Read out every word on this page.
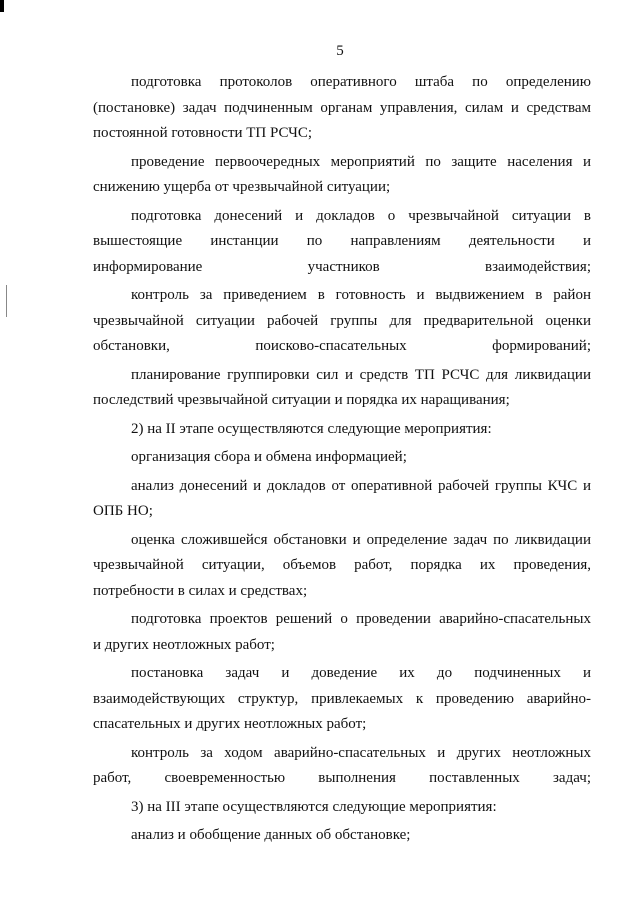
5
подготовка протоколов оперативного штаба по определению
(постановке) задач подчиненным органам управления, силам и средствам
постоянной готовности ТП РСЧС;
проведение первоочередных мероприятий по защите населения и
снижению ущерба от чрезвычайной ситуации;
подготовка донесений и докладов о чрезвычайной ситуации в
вышестоящие инстанции по направлениям деятельности и
информирование участников взаимодействия;
контроль за приведением в готовность и выдвижением в район
чрезвычайной ситуации рабочей группы для предварительной оценки
обстановки, поисково-спасательных формирований;
планирование группировки сил и средств ТП РСЧС для ликвидации
последствий чрезвычайной ситуации и порядка их наращивания;
2) на II этапе осуществляются следующие мероприятия:
организация сбора и обмена информацией;
анализ донесений и докладов от оперативной рабочей группы КЧС и
ОПБ НО;
оценка сложившейся обстановки и определение задач по ликвидации
чрезвычайной ситуации, объемов работ, порядка их проведения,
потребности в силах и средствах;
подготовка проектов решений о проведении аварийно-спасательных
и других неотложных работ;
постановка задач и доведение их до подчиненных и
взаимодействующих структур, привлекаемых к проведению аварийно-
спасательных и других неотложных работ;
контроль за ходом аварийно-спасательных и других неотложных
работ, своевременностью выполнения поставленных задач;
3) на III этапе осуществляются следующие мероприятия:
анализ и обобщение данных об обстановке;
